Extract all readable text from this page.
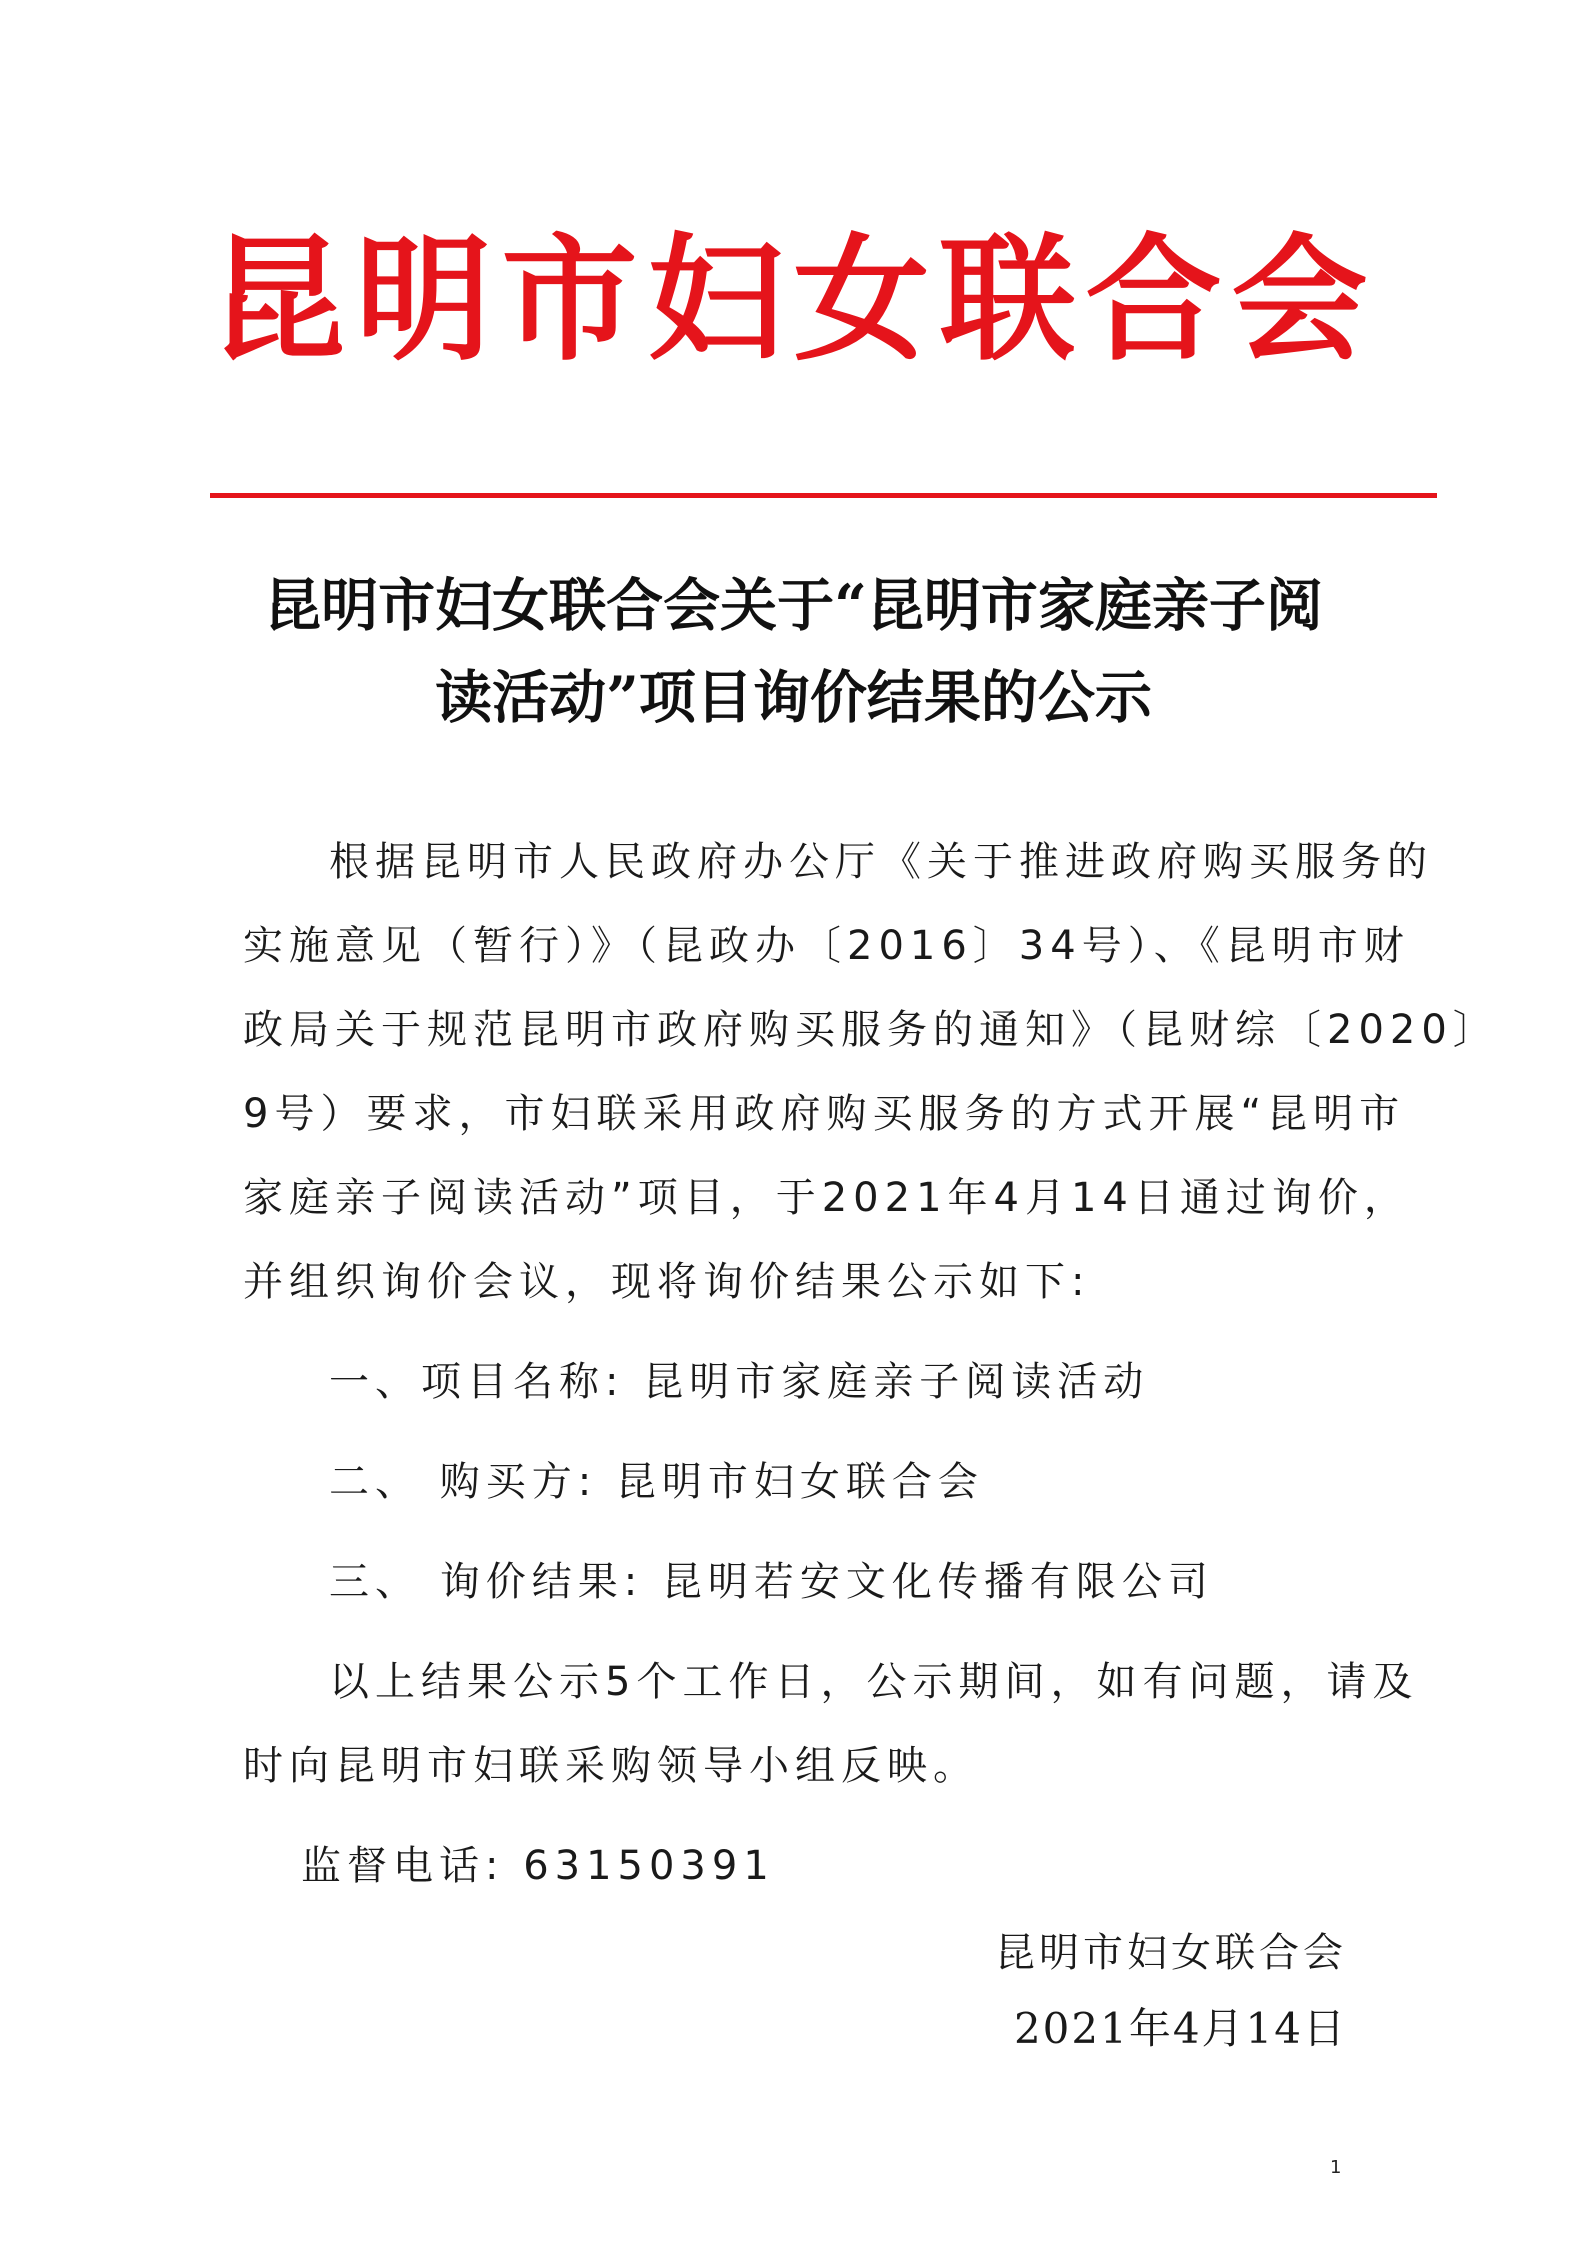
昆明市妇女联合会
昆明市妇女联合会关于“昆明市家庭亲子阅
读活动”项目询价结果的公示

根据昆明市人民政府办公厅《关于推进政府购买服务的

实施意见（暂行）》（昆政办〔2016〕34号）、《昆明市财

政局关于规范昆明市政府购买服务的通知》（昆财综〔2020〕

9号）要求，市妇联采用政府购买服务的方式开展“昆明市

家庭亲子阅读活动”项目，于2021年4月14日通过询价，

并组织询价会议，现将询价结果公示如下:

一、项目名称: 昆明市家庭亲子阅读活动

二、 购买方: 昆明市妇女联合会

三、 询价结果: 昆明若安文化传播有限公司

以上结果公示5个工作日，公示期间，如有问题，请及

时向昆明市妇联采购领导小组反映。

监督电话: 63150391

昆明市妇女联合会
2021年4月14日
1
